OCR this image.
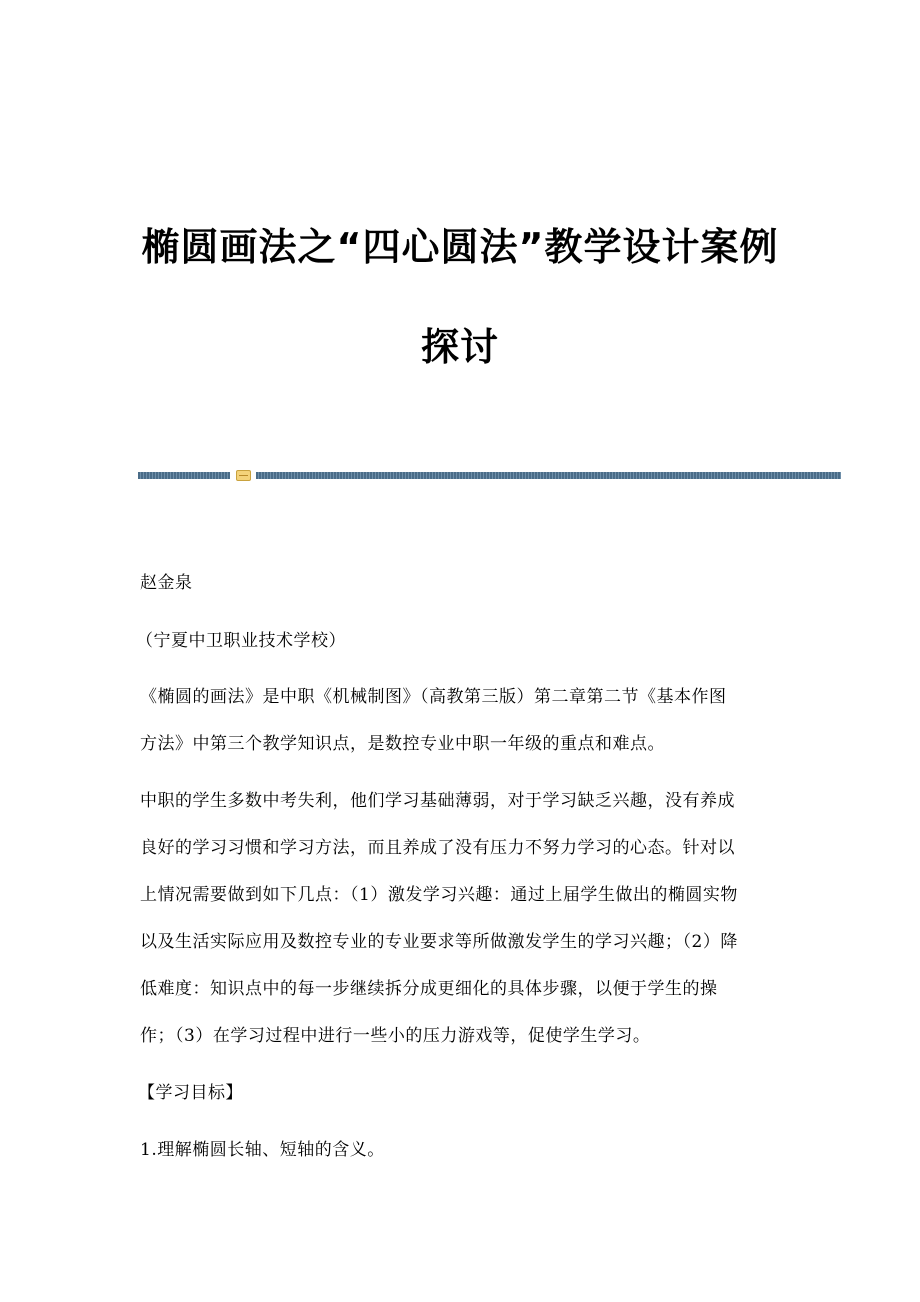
椭圆画法之“四心圆法”教学设计案例
探讨
赵金泉
（宁夏中卫职业技术学校）
《椭圆的画法》是中职《机械制图》（高教第三版）第二章第二节《基本作图
方法》中第三个教学知识点，是数控专业中职一年级的重点和难点。
中职的学生多数中考失利，他们学习基础薄弱，对于学习缺乏兴趣，没有养成
良好的学习习惯和学习方法，而且养成了没有压力不努力学习的心态。针对以
上情况需要做到如下几点：（1）激发学习兴趣：通过上届学生做出的椭圆实物
以及生活实际应用及数控专业的专业要求等所做激发学生的学习兴趣；（2）降
低难度：知识点中的每一步继续拆分成更细化的具体步骤，以便于学生的操
作；（3）在学习过程中进行一些小的压力游戏等，促使学生学习。
【学习目标】
1.理解椭圆长轴、短轴的含义。
